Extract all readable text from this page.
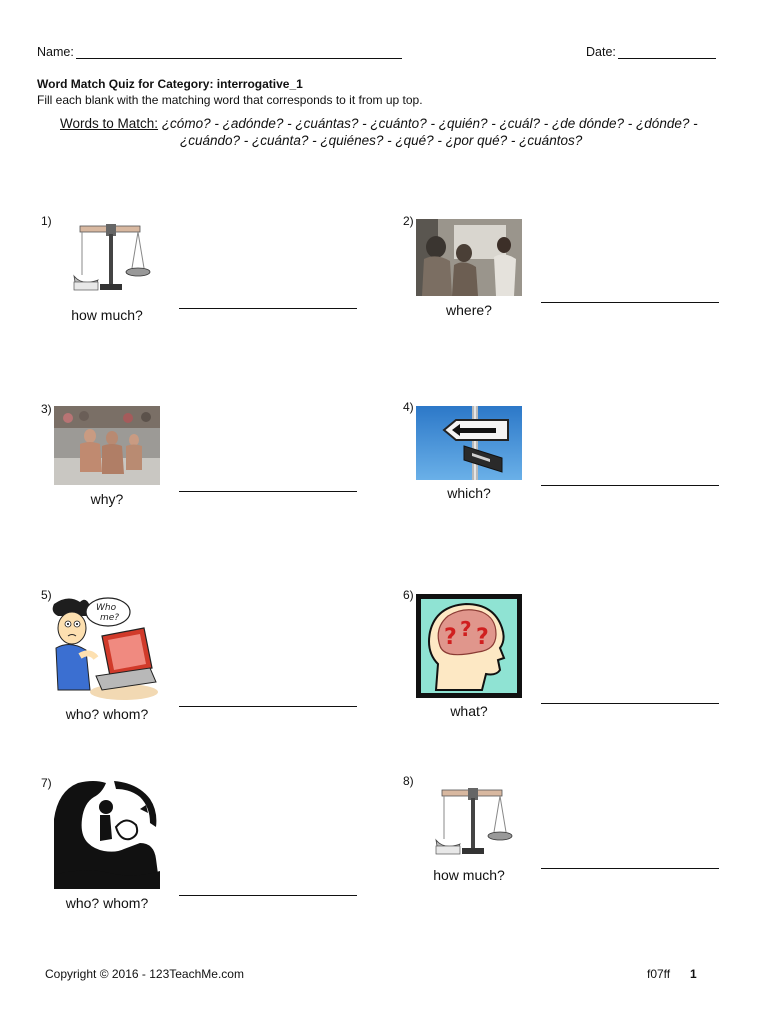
Name:	Date:
Word Match Quiz for Category: interrogative_1
Fill each blank with the matching word that corresponds to it from up top.
Words to Match: ¿cómo? - ¿adónde? - ¿cuántas? - ¿cuánto? - ¿quién? - ¿cuál? - ¿de dónde? - ¿dónde? -
¿cuándo? - ¿cuánta? - ¿quiénes? - ¿qué? - ¿por qué? - ¿cuántos?
1)
how much?
2)
where?
3)
why?
4)
which?
5)
Who
me?
who? whom?
6)
? ? ?
what?
7)
who? whom?
8)
how much?
Copyright © 2016 - 123TeachMe.com	f07ff 1
